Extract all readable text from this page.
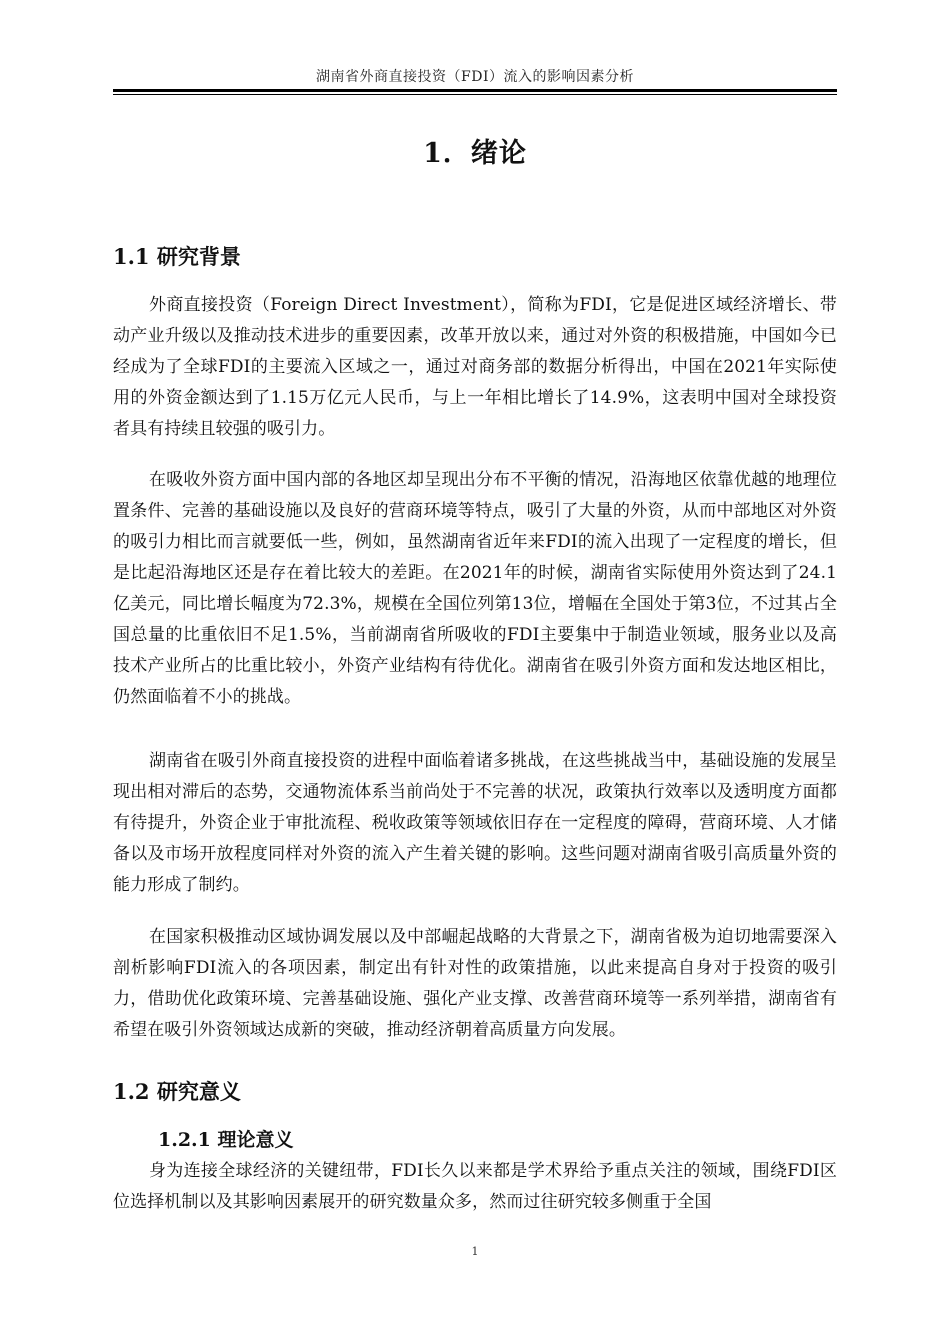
湖南省外商直接投资（FDI）流入的影响因素分析
1．绪论
1.1 研究背景
外商直接投资（Foreign Direct Investment），简称为FDI，它是促进区域经济增长、带动产业升级以及推动技术进步的重要因素，改革开放以来，通过对外资的积极措施，中国如今已经成为了全球FDI的主要流入区域之一，通过对商务部的数据分析得出，中国在2021年实际使用的外资金额达到了1.15万亿元人民币，与上一年相比增长了14.9%，这表明中国对全球投资者具有持续且较强的吸引力。
在吸收外资方面中国内部的各地区却呈现出分布不平衡的情况，沿海地区依靠优越的地理位置条件、完善的基础设施以及良好的营商环境等特点，吸引了大量的外资，从而中部地区对外资的吸引力相比而言就要低一些，例如，虽然湖南省近年来FDI的流入出现了一定程度的增长，但是比起沿海地区还是存在着比较大的差距。在2021年的时候，湖南省实际使用外资达到了24.1亿美元，同比增长幅度为72.3%，规模在全国位列第13位，增幅在全国处于第3位，不过其占全国总量的比重依旧不足1.5%，当前湖南省所吸收的FDI主要集中于制造业领域，服务业以及高技术产业所占的比重比较小，外资产业结构有待优化。湖南省在吸引外资方面和发达地区相比，仍然面临着不小的挑战。
湖南省在吸引外商直接投资的进程中面临着诸多挑战，在这些挑战当中，基础设施的发展呈现出相对滞后的态势，交通物流体系当前尚处于不完善的状况，政策执行效率以及透明度方面都有待提升，外资企业于审批流程、税收政策等领域依旧存在一定程度的障碍，营商环境、人才储备以及市场开放程度同样对外资的流入产生着关键的影响。这些问题对湖南省吸引高质量外资的能力形成了制约。
在国家积极推动区域协调发展以及中部崛起战略的大背景之下，湖南省极为迫切地需要深入剖析影响FDI流入的各项因素，制定出有针对性的政策措施，以此来提高自身对于投资的吸引力，借助优化政策环境、完善基础设施、强化产业支撑、改善营商环境等一系列举措，湖南省有希望在吸引外资领域达成新的突破，推动经济朝着高质量方向发展。
1.2 研究意义
1.2.1 理论意义
身为连接全球经济的关键纽带，FDI长久以来都是学术界给予重点关注的领域，围绕FDI区位选择机制以及其影响因素展开的研究数量众多，然而过往研究较多侧重于全国
1
